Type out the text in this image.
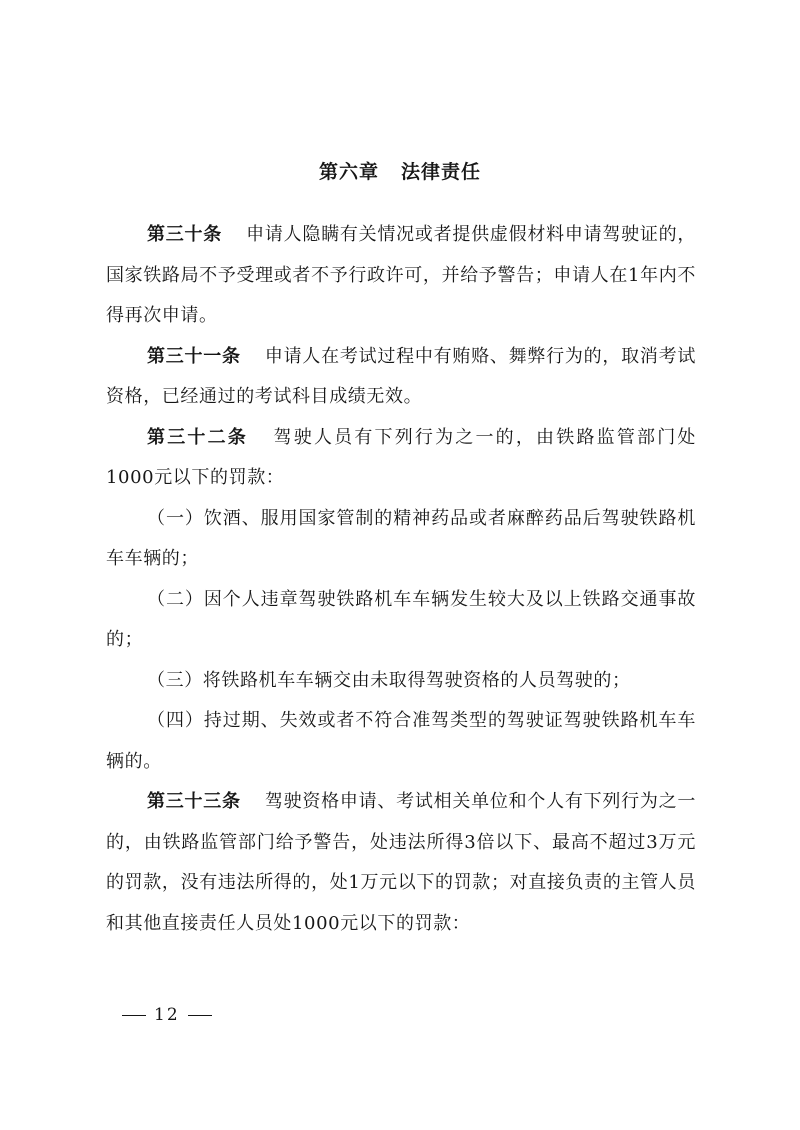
第六章 法律责任

第三十条 申请人隐瞒有关情况或者提供虚假材料申请驾驶证的，国家铁路局不予受理或者不予行政许可，并给予警告；申请人在1年内不得再次申请。

第三十一条 申请人在考试过程中有贿赂、舞弊行为的，取消考试资格，已经通过的考试科目成绩无效。

第三十二条 驾驶人员有下列行为之一的，由铁路监管部门处1000元以下的罚款：

（一）饮酒、服用国家管制的精神药品或者麻醉药品后驾驶铁路机车车辆的；

（二）因个人违章驾驶铁路机车车辆发生较大及以上铁路交通事故的；

（三）将铁路机车车辆交由未取得驾驶资格的人员驾驶的；

（四）持过期、失效或者不符合准驾类型的驾驶证驾驶铁路机车车辆的。

第三十三条 驾驶资格申请、考试相关单位和个人有下列行为之一的，由铁路监管部门给予警告，处违法所得3倍以下、最高不超过3万元的罚款，没有违法所得的，处1万元以下的罚款；对直接负责的主管人员和其他直接责任人员处1000元以下的罚款：

12
